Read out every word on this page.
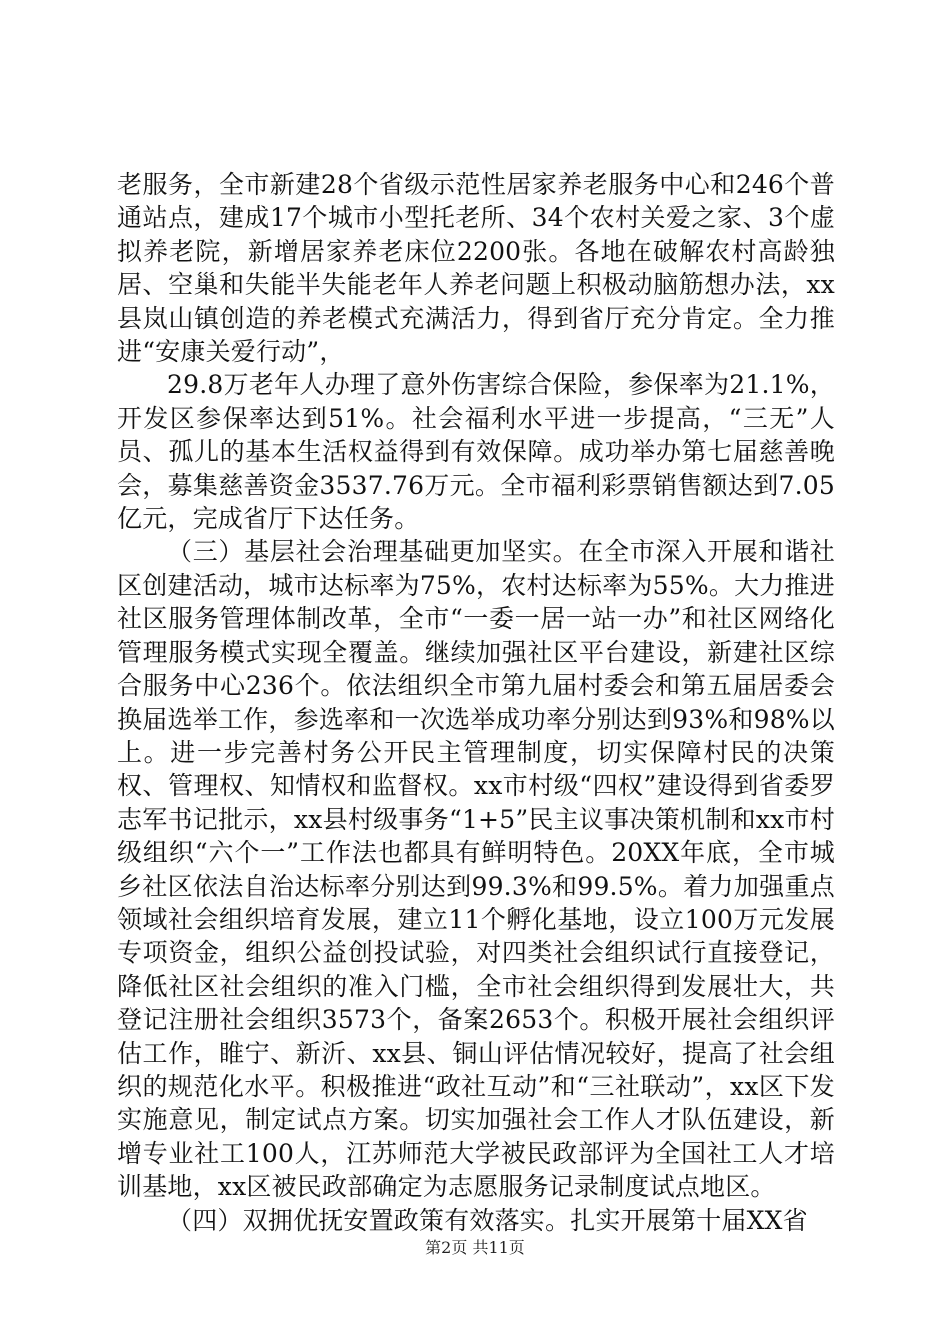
老服务，全市新建28个省级示范性居家养老服务中心和246个普通站点，建成17个城市小型托老所、34个农村关爱之家、3个虚拟养老院，新增居家养老床位2200张。各地在破解农村高龄独居、空巢和失能半失能老年人养老问题上积极动脑筋想办法，xx县岚山镇创造的养老模式充满活力，得到省厅充分肯定。全力推进“安康关爱行动”，

29.8万老年人办理了意外伤害综合保险，参保率为21.1%，开发区参保率达到51%。社会福利水平进一步提高，“三无”人员、孤儿的基本生活权益得到有效保障。成功举办第七届慈善晚会，募集慈善资金3537.76万元。全市福利彩票销售额达到7.05亿元，完成省厅下达任务。

（三）基层社会治理基础更加坚实。在全市深入开展和谐社区创建活动，城市达标率为75%，农村达标率为55%。大力推进社区服务管理体制改革，全市“一委一居一站一办”和社区网络化管理服务模式实现全覆盖。继续加强社区平台建设，新建社区综合服务中心236个。依法组织全市第九届村委会和第五届居委会换届选举工作，参选率和一次选举成功率分别达到93%和98%以上。进一步完善村务公开民主管理制度，切实保障村民的决策权、管理权、知情权和监督权。xx市村级“四权”建设得到省委罗志军书记批示，xx县村级事务“1+5”民主议事决策机制和xx市村级组织“六个一”工作法也都具有鲜明特色。20XX年底，全市城乡社区依法自治达标率分别达到99.3%和99.5%。着力加强重点领域社会组织培育发展，建立11个孵化基地，设立100万元发展专项资金，组织公益创投试验，对四类社会组织试行直接登记，降低社区社会组织的准入门槛，全市社会组织得到发展壮大，共登记注册社会组织3573个，备案2653个。积极开展社会组织评估工作，睢宁、新沂、xx县、铜山评估情况较好，提高了社会组织的规范化水平。积极推进“政社互动”和“三社联动”，xx区下发实施意见，制定试点方案。切实加强社会工作人才队伍建设，新增专业社工100人，江苏师范大学被民政部评为全国社工人才培训基地，xx区被民政部确定为志愿服务记录制度试点地区。

（四）双拥优抚安置政策有效落实。扎实开展第十届XX省

第2页 共11页
